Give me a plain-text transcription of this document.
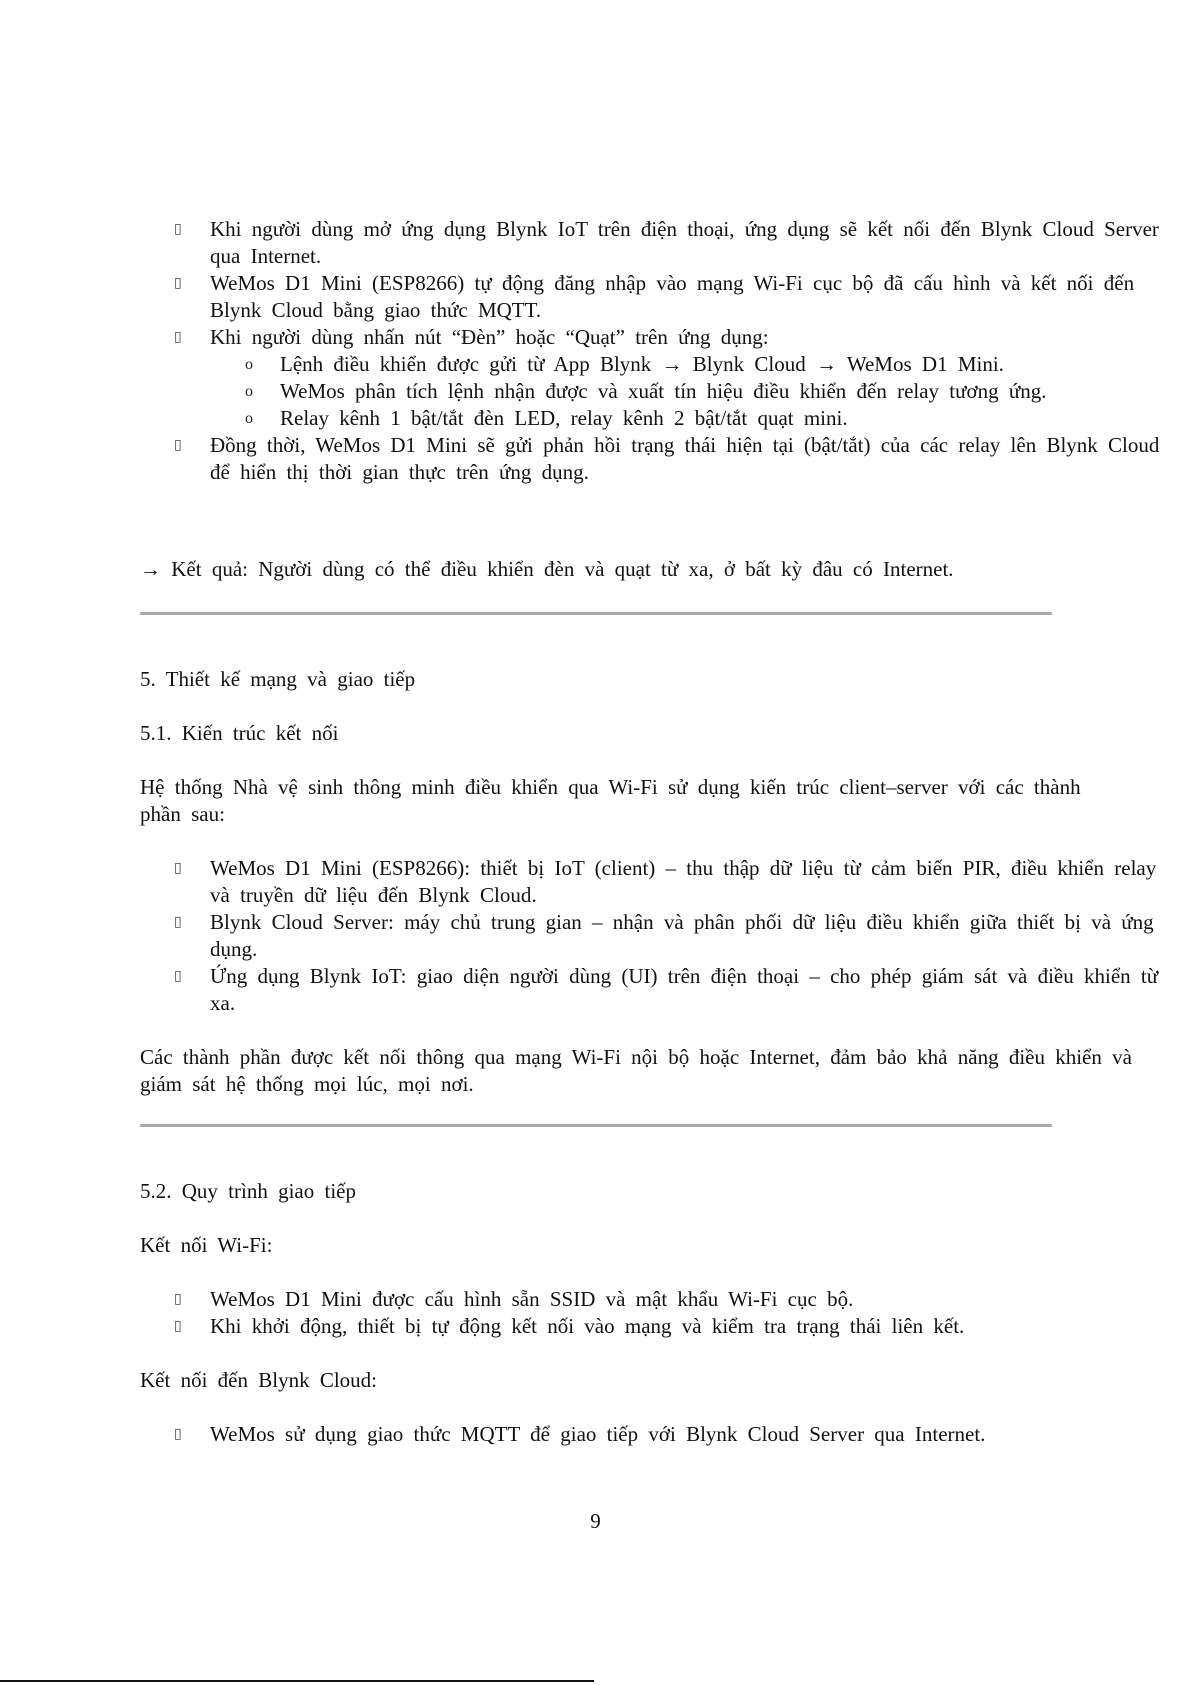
▯ Khi người dùng mở ứng dụng Blynk IoT trên điện thoại, ứng dụng sẽ kết nối đến Blynk Cloud Server qua Internet.
▯ WeMos D1 Mini (ESP8266) tự động đăng nhập vào mạng Wi-Fi cục bộ đã cấu hình và kết nối đến Blynk Cloud bằng giao thức MQTT.
▯ Khi người dùng nhấn nút “Đèn” hoặc “Quạt” trên ứng dụng:
o Lệnh điều khiển được gửi từ App Blynk → Blynk Cloud → WeMos D1 Mini.
o WeMos phân tích lệnh nhận được và xuất tín hiệu điều khiển đến relay tương ứng.
o Relay kênh 1 bật/tắt đèn LED, relay kênh 2 bật/tắt quạt mini.
▯ Đồng thời, WeMos D1 Mini sẽ gửi phản hồi trạng thái hiện tại (bật/tắt) của các relay lên Blynk Cloud để hiển thị thời gian thực trên ứng dụng.
→ Kết quả: Người dùng có thể điều khiển đèn và quạt từ xa, ở bất kỳ đâu có Internet.
5. Thiết kế mạng và giao tiếp
5.1. Kiến trúc kết nối
Hệ thống Nhà vệ sinh thông minh điều khiển qua Wi-Fi sử dụng kiến trúc client–server với các thành phần sau:
▯ WeMos D1 Mini (ESP8266): thiết bị IoT (client) – thu thập dữ liệu từ cảm biến PIR, điều khiển relay và truyền dữ liệu đến Blynk Cloud.
▯ Blynk Cloud Server: máy chủ trung gian – nhận và phân phối dữ liệu điều khiển giữa thiết bị và ứng dụng.
▯ Ứng dụng Blynk IoT: giao diện người dùng (UI) trên điện thoại – cho phép giám sát và điều khiển từ xa.
Các thành phần được kết nối thông qua mạng Wi-Fi nội bộ hoặc Internet, đảm bảo khả năng điều khiển và giám sát hệ thống mọi lúc, mọi nơi.
5.2. Quy trình giao tiếp
Kết nối Wi-Fi:
▯ WeMos D1 Mini được cấu hình sẵn SSID và mật khẩu Wi-Fi cục bộ.
▯ Khi khởi động, thiết bị tự động kết nối vào mạng và kiểm tra trạng thái liên kết.
Kết nối đến Blynk Cloud:
▯ WeMos sử dụng giao thức MQTT để giao tiếp với Blynk Cloud Server qua Internet.
9
